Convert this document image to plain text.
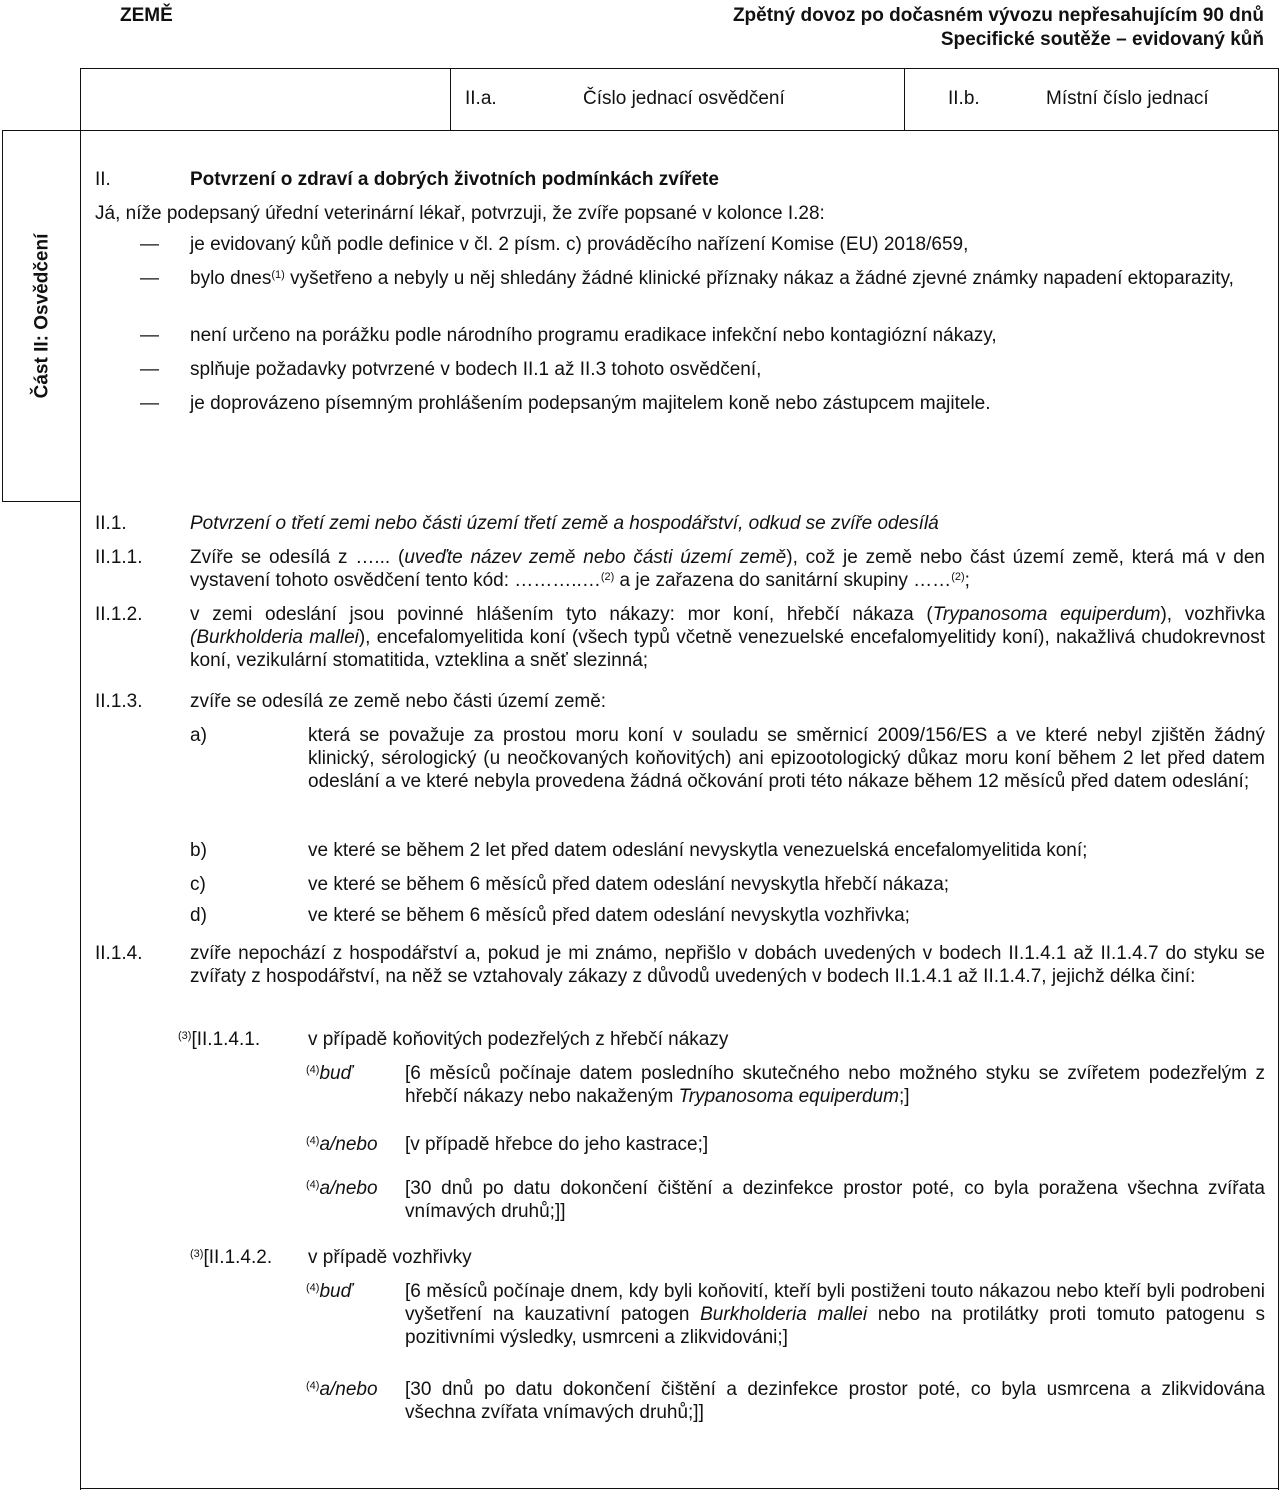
ZEMĚ	Zpětný dovoz po dočasném vývozu nepřesahujícím 90 dnů
Specifické soutěže – evidovaný kůň
II.a.	Číslo jednací osvědčení	II.b.	Místní číslo jednací
Část II: Osvědčení
II.	Potvrzení o zdraví a dobrých životních podmínkách zvířete
Já, níže podepsaný úřední veterinární lékař, potvrzuji, že zvíře popsané v kolonce I.28:
— je evidovaný kůň podle definice v čl. 2 písm. c) prováděcího nařízení Komise (EU) 2018/659,
— bylo dnes$^{(1)}$ vyšetřeno a nebyly u něj shledány žádné klinické příznaky nákaz a žádné zjevné známky napadení ektoparazity,
— není určeno na porážku podle národního programu eradikace infekční nebo kontagiózní nákazy,
— splňuje požadavky potvrzené v bodech II.1 až II.3 tohoto osvědčení,
— je doprovázeno písemným prohlášením podepsaným majitelem koně nebo zástupcem majitele.
II.1.	Potvrzení o třetí zemi nebo části území třetí země a hospodářství, odkud se zvíře odesílá
II.1.1. Zvíře se odesílá z …... (uveďte název země nebo části území země), což je země nebo část území země, která má v den vystavení tohoto osvědčení tento kód: ………..…$^{(2)}$ a je zařazena do sanitární skupiny ……$^{(2)}$;
II.1.2. v zemi odeslání jsou povinné hlášením tyto nákazy: mor koní, hřebčí nákaza (Trypanosoma equiperdum), vozhřivka (Burkholderia mallei), encefalomyelitida koní (všech typů včetně venezuelské encefalomyelitidy koní), nakažlivá chudokrevnost koní, vezikulární stomatitida, vzteklina a sněť slezinná;
II.1.3. zvíře se odesílá ze země nebo části území země:
a)	která se považuje za prostou moru koní v souladu se směrnicí 2009/156/ES a ve které nebyl zjištěn žádný klinický, sérologický (u neočkovaných koňovitých) ani epizootologický důkaz moru koní během 2 let před datem odeslání a ve které nebyla provedena žádná očkování proti této nákaze během 12 měsíců před datem odeslání;
b)	ve které se během 2 let před datem odeslání nevyskytla venezuelská encefalomyelitida koní;
c)	ve které se během 6 měsíců před datem odeslání nevyskytla hřebčí nákaza;
d)	ve které se během 6 měsíců před datem odeslání nevyskytla vozhřivka;
II.1.4. zvíře nepochází z hospodářství a, pokud je mi známo, nepřišlo v dobách uvedených v bodech II.1.4.1 až II.1.4.7 do styku se zvířaty z hospodářství, na něž se vztahovaly zákazy z důvodů uvedených v bodech II.1.4.1 až II.1.4.7, jejichž délka činí:
$^{(3)}$[II.1.4.1.	v případě koňovitých podezřelých z hřebčí nákazy
$^{(4)}$buď	[6 měsíců počínaje datem posledního skutečného nebo možného styku se zvířetem podezřelým z hřebčí nákazy nebo nakaženým Trypanosoma equiperdum;]
$^{(4)}$a/nebo [v případě hřebce do jeho kastrace;]
$^{(4)}$a/nebo [30 dnů po datu dokončení čištění a dezinfekce prostor poté, co byla poražena všechna zvířata vnímavých druhů;]]
$^{(3)}$[II.1.4.2. v případě vozhřivky
$^{(4)}$buď	[6 měsíců počínaje dnem, kdy byli koňovití, kteří byli postiženi touto nákazou nebo kteří byli podrobeni vyšetření na kauzativní patogen Burkholderia mallei nebo na protilátky proti tomuto patogenu s pozitivními výsledky, usmrceni a zlikvidováni;]
$^{(4)}$a/nebo [30 dnů po datu dokončení čištění a dezinfekce prostor poté, co byla usmrcena a zlikvidována všechna zvířata vnímavých druhů;]]
